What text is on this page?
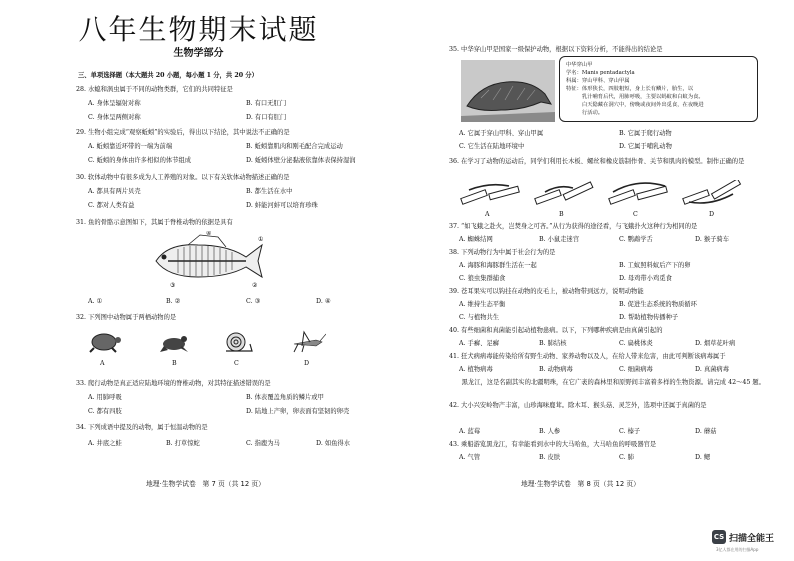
八年生物期末试题
生物学部分
三、单项选择题（本大题共 20 小题，每小题 1 分，共 20 分）
28. 水螅和涡虫属于不同的动物类群，它们的共同特征是
A. 身体呈辐射对称	B. 有口无肛门
C. 身体呈两侧对称	D. 有口有肛门
29. 生物小组完成“观察蚯蚓”的实验后，得出以下结论，其中说法不正确的是
A. 蚯蚓靠近环带的一端为前端	B. 蚯蚓靠肌肉和刚毛配合完成运动
C. 蚯蚓的身体由许多相似的体节组成	D. 蚯蚓体壁分泌黏液依靠体表保持湿润
30. 软体动物中有很多成为人工养殖的对象。以下有关软体动物描述正确的是
A. 都具有两片贝壳	B. 都生活在水中
C. 都对人类有益	D. 蚌能河蚌可以培育珍珠
31. 鱼的骨骼示意图如下，其属于脊椎动物的依据是具有
①
②
③
④
A. ①	B. ②	C. ③	D. ④
32. 下列图中动物属于两栖动物的是
A	B	C	D
33. 爬行动物是真正适应陆地环境的脊椎动物，对其特征描述错误的是
A. 用肺呼吸	B. 体表覆盖角质的鳞片或甲
C. 都有四肢	D. 陆地上产卵，卵表面有坚韧的卵壳
34. 下列成语中提及的动物，属于恒温动物的是
A. 井底之蛙	B. 打草惊蛇	C. 指鹿为马	D. 如鱼得水
地理·生物学试卷　第 7 页（共 12 页）
35. 中华穿山甲是国家一级保护动物，根据以下资料分析，不能得出的结论是
中华穿山甲
学名：Manis pentadactyla
科属：穿山甲科、穿山甲属
特征：体形狭长，四肢粗短，身上长有鳞片，胎生，以
　　　乳汁哺育后代，用肺呼吸，主要以蚂蚁和白蚁为食。
　　　白天隐藏在洞穴中，傍晚或夜间外出觅食，在夜晚进
　　　行活动。
A. 它属于穿山甲科、穿山甲属	B. 它属于爬行动物
C. 它生活在陆地环境中	D. 它属于哺乳动物
36. 在学习了动物的运动后，同学们利用长木板、螺丝和橡皮筋制作骨、关节和肌肉的模型。制作正确的是
A	B	C	D
37. “如飞蛾之赴火，岂焚身之可吝。”从行为获得的途径看，与飞蛾扑火这种行为相同的是
A. 蜘蛛结网	B. 小鼠走迷宫	C. 鹦鹉学舌	D. 猴子骑车
38. 下列动物行为中属于社会行为的是
A. 海豚和海豚群生活在一起	B. 工蚁照料蚁后产下的卵
C. 狼虫集群捕食	D. 母鸡带小鸡觅食
39. 苍耳果实可以钩挂在动物的皮毛上，被动物带到远方，说明动物能
A. 维持生态平衡	B. 促进生态系统的物质循环
C. 与植物共生	D. 帮助植物传播种子
40. 有些细菌和真菌能引起动植物患病。以下，下列哪种疾病是由真菌引起的
A. 手癣、足癣	B. 肺结核	C. 扁桃体炎	D. 烟草花叶病
41. 狂犬病病毒能传染给所有野生动物、家养动物以及人，在给人带来危害，由此可判断该病毒属于
A. 植物病毒	B. 动物病毒	C. 细菌病毒	D. 真菌病毒
　　黑龙江，这是名副其实的北疆明珠，在它广袤的森林里和原野间丰富着多样的生物资源。请完成 42～45 题。
42. 大小兴安岭物产丰富，山珍海味鹿茸。除木耳、猴头菇、灵芝外，选项中还属于真菌的是
A. 蓝莓	B. 人参	C. 榛子	D. 蘑菇
43. 乘船游览黑龙江，有幸能看到水中的大马哈鱼，大马哈鱼的呼吸器官是
A. 气管	B. 皮肤	C. 肺	D. 鳃
地理·生物学试卷　第 8 页（共 12 页）
CS 扫描全能王
3亿人都在用的扫描App
